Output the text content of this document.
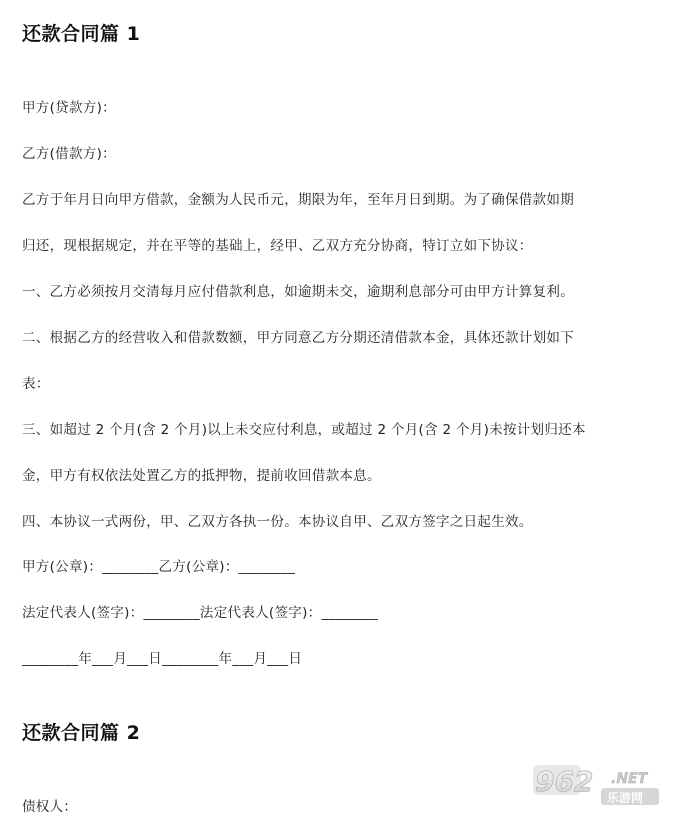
还款合同篇 1

甲方(贷款方)：

乙方(借款方)：

乙方于年月日向甲方借款，金额为人民币元，期限为年，至年月日到期。为了确保借款如期

归还，现根据规定，并在平等的基础上，经甲、乙双方充分协商，特订立如下协议：

一、乙方必须按月交清每月应付借款利息，如逾期未交，逾期利息部分可由甲方计算复利。

二、根据乙方的经营收入和借款数额，甲方同意乙方分期还清借款本金，具体还款计划如下

表：

三、如超过 2 个月(含 2 个月)以上未交应付利息，或超过 2 个月(含 2 个月)未按计划归还本

金，甲方有权依法处置乙方的抵押物，提前收回借款本息。

四、本协议一式两份，甲、乙双方各执一份。本协议自甲、乙双方签字之日起生效。

甲方(公章)：________乙方(公章)：________

法定代表人(签字)：________法定代表人(签字)：________

________年___月___日________年___月___日

还款合同篇 2

债权人：

962 .NET
乐游网
